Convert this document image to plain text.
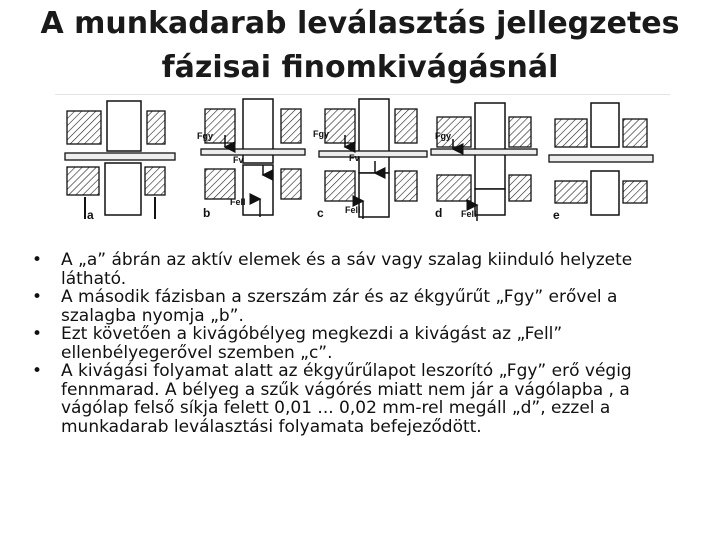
A munkadarab leválasztás jellegzetes
fázisai finomkivágásnál
a
Fgy
Fv
Fell
b
Fgy
Fv
Fell
c
Fgy
Fell
d	e
• A „a” ábrán az aktív elemek és a sáv vagy szalag kiinduló helyzete látható.
• A második fázisban a szerszám zár és az ékgyűrűt „Fgy” erővel a szalagba nyomja „b”.
• Ezt követően a kivágóbélyeg megkezdi a kivágást az „Fell” ellenbélyegerővel szemben „c”.
• A kivágási folyamat alatt az ékgyűrűlapot leszorító „Fgy” erő végig fennmarad. A bélyeg a szűk vágórés miatt nem jár a vágólapba , a vágólap felső síkja felett 0,01 ... 0,02 mm-rel megáll „d”, ezzel a munkadarab leválasztási folyamata befejeződött.
